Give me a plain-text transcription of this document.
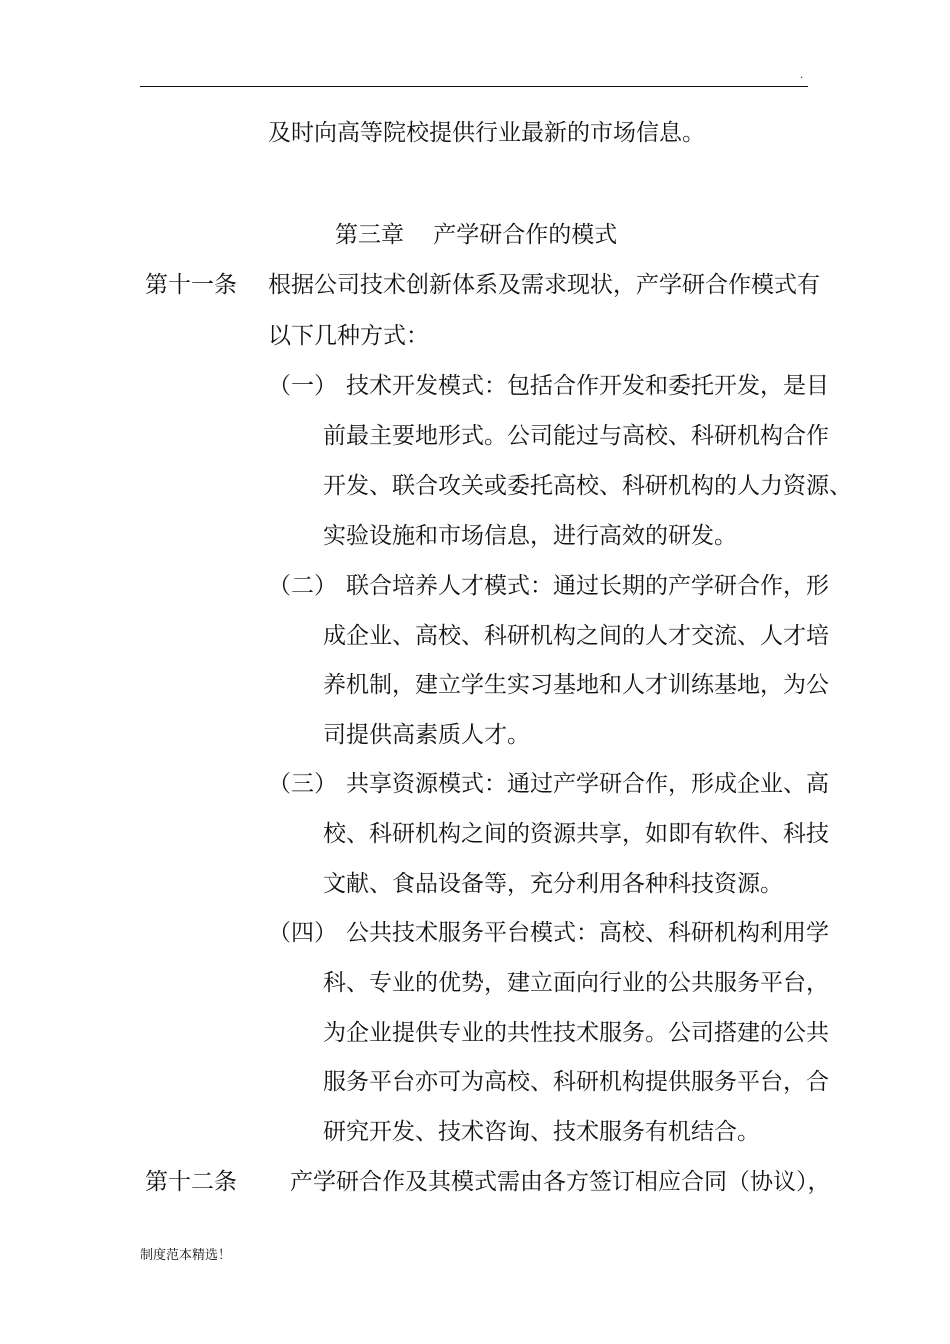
.
及时向高等院校提供行业最新的市场信息。
第三章    产学研合作的模式
第十一条 根据公司技术创新体系及需求现状，产学研合作模式有
以下几种方式：
（一） 技术开发模式：包括合作开发和委托开发，是目
前最主要地形式。公司能过与高校、科研机构合作
开发、联合攻关或委托高校、科研机构的人力资源、
实验设施和市场信息，进行高效的研发。
（二） 联合培养人才模式：通过长期的产学研合作，形
成企业、高校、科研机构之间的人才交流、人才培
养机制，建立学生实习基地和人才训练基地，为公
司提供高素质人才。
（三） 共享资源模式：通过产学研合作，形成企业、高
校、科研机构之间的资源共享，如即有软件、科技
文献、食品设备等，充分利用各种科技资源。
（四） 公共技术服务平台模式：高校、科研机构利用学
科、专业的优势，建立面向行业的公共服务平台，
为企业提供专业的共性技术服务。公司搭建的公共
服务平台亦可为高校、科研机构提供服务平台，合
研究开发、技术咨询、技术服务有机结合。
第十二条 产学研合作及其模式需由各方签订相应合同（协议），
制度范本精选！
